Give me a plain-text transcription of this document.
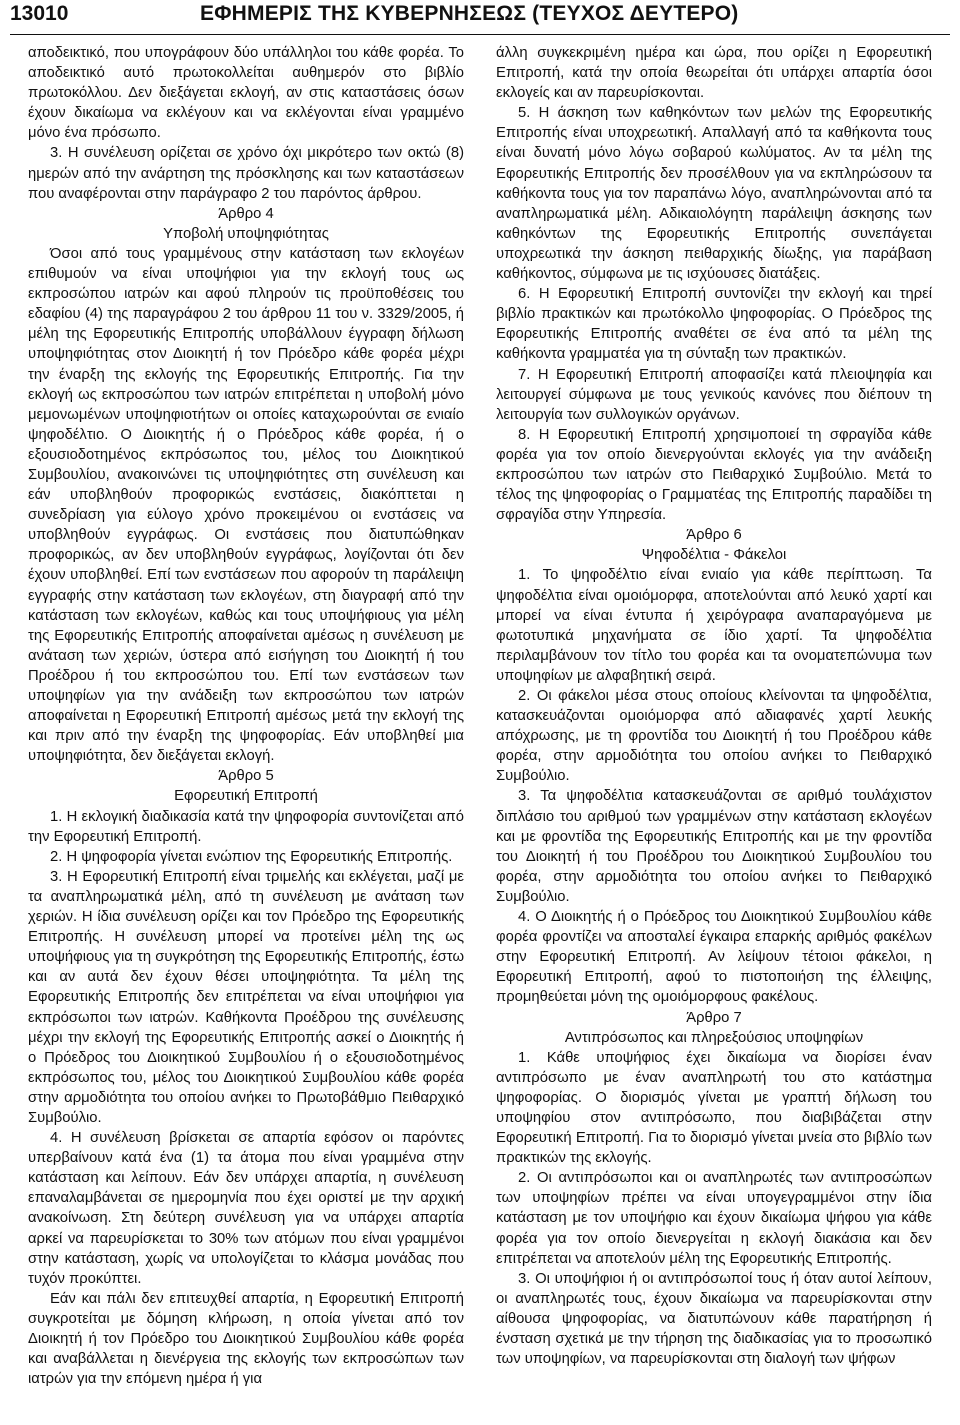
13010	ΕΦΗΜΕΡΙΣ ΤΗΣ ΚΥΒΕΡΝΗΣΕΩΣ (ΤΕΥΧΟΣ ΔΕΥΤΕΡΟ)

αποδεικτικό, που υπογράφουν δύο υπάλληλοι του κάθε φορέα. Το αποδεικτικό αυτό πρωτοκολλείται αυθημερόν στο βιβλίο πρωτοκόλλου. Δεν διεξάγεται εκλογή, αν στις καταστάσεις όσων έχουν δικαίωμα να εκλέγουν και να εκλέγονται είναι γραμμένο μόνο ένα πρόσωπο.

3. Η συνέλευση ορίζεται σε χρόνο όχι μικρότερο των οκτώ (8) ημερών από την ανάρτηση της πρόσκλησης και των καταστάσεων που αναφέρονται στην παράγραφο 2 του παρόντος άρθρου.

Άρθρο 4

Υποβολή υποψηφιότητας

Όσοι από τους γραμμένους στην κατάσταση των εκλογέων επιθυμούν να είναι υποψήφιοι για την εκλογή τους ως εκπροσώπου ιατρών και αφού πληρούν τις προϋποθέσεις του εδαφίου (4) της παραγράφου 2 του άρθρου 11 του ν. 3329/2005, ή μέλη της Εφορευτικής Επιτροπής υποβάλλουν έγγραφη δήλωση υποψηφιότητας στον Διοικητή ή τον Πρόεδρο κάθε φορέα μέχρι την έναρξη της εκλογής της Εφορευτικής Επιτροπής. Για την εκλογή ως εκπροσώπου των ιατρών επιτρέπεται η υποβολή μόνο μεμονωμένων υποψηφιοτήτων οι οποίες καταχωρούνται σε ενιαίο ψηφοδέλτιο. Ο Διοικητής ή ο Πρόεδρος κάθε φορέα, ή ο εξουσιοδοτημένος εκπρόσωπος του, μέλος του Διοικητικού Συμβουλίου, ανακοινώνει τις υποψηφιότητες στη συνέλευση και εάν υποβληθούν προφορικώς ενστάσεις, διακόπτεται η συνεδρίαση για εύλογο χρόνο προκειμένου οι ενστάσεις να υποβληθούν εγγράφως. Οι ενστάσεις που διατυπώθηκαν προφορικώς, αν δεν υποβληθούν εγγράφως, λογίζονται ότι δεν έχουν υποβληθεί. Επί των ενστάσεων που αφορούν τη παράλειψη εγγραφής στην κατάσταση των εκλογέων, στη διαγραφή από την κατάσταση των εκλογέων, καθώς και τους υποψήφιους για μέλη της Εφορευτικής Επιτροπής αποφαίνεται αμέσως η συνέλευση με ανάταση των χεριών, ύστερα από εισήγηση του Διοικητή ή του Προέδρου ή του εκπροσώπου του. Επί των ενστάσεων των υποψηφίων για την ανάδειξη των εκπροσώπου των ιατρών αποφαίνεται η Εφορευτική Επιτροπή αμέσως μετά την εκλογή της και πριν από την έναρξη της ψηφοφορίας. Εάν υποβληθεί μια υποψηφιότητα, δεν διεξάγεται εκλογή.

Άρθρο 5

Εφορευτική Επιτροπή

1. Η εκλογική διαδικασία κατά την ψηφοφορία συντονίζεται από την Εφορευτική Επιτροπή.

2. Η ψηφοφορία γίνεται ενώπιον της Εφορευτικής Επιτροπής.

3. Η Εφορευτική Επιτροπή είναι τριμελής και εκλέγεται, μαζί με τα αναπληρωματικά μέλη, από τη συνέλευση με ανάταση των χεριών. Η ίδια συνέλευση ορίζει και τον Πρόεδρο της Εφορευτικής Επιτροπής. Η συνέλευση μπορεί να προτείνει μέλη της ως υποψήφιους για τη συγκρότηση της Εφορευτικής Επιτροπής, έστω και αν αυτά δεν έχουν θέσει υποψηφιότητα. Τα μέλη της Εφορευτικής Επιτροπής δεν επιτρέπεται να είναι υποψήφιοι για εκπρόσωποι των ιατρών. Καθήκοντα Προέδρου της συνέλευσης μέχρι την εκλογή της Εφορευτικής Επιτροπής ασκεί ο Διοικητής ή ο Πρόεδρος του Διοικητικού Συμβουλίου ή ο εξουσιοδοτημένος εκπρόσωπος του, μέλος του Διοικητικού Συμβουλίου κάθε φορέα στην αρμοδιότητα του οποίου ανήκει το Πρωτοβάθμιο Πειθαρχικό Συμβούλιο.

4. Η συνέλευση βρίσκεται σε απαρτία εφόσον οι παρόντες υπερβαίνουν κατά ένα (1) τα άτομα που είναι γραμμένα στην κατάσταση και λείπουν. Εάν δεν υπάρχει απαρτία, η συνέλευση επαναλαμβάνεται σε ημερομηνία που έχει οριστεί με την αρχική ανακοίνωση. Στη δεύτερη συνέλευση για να υπάρχει απαρτία αρκεί να παρευρίσκεται το 30% των ατόμων που είναι γραμμένοι στην κατάσταση, χωρίς να υπολογίζεται το κλάσμα μονάδας που τυχόν προκύπτει.

Εάν και πάλι δεν επιτευχθεί απαρτία, η Εφορευτική Επιτροπή συγκροτείται με δόμηση κλήρωση, η οποία γίνεται από τον Διοικητή ή τον Πρόεδρο του Διοικητικού Συμβουλίου κάθε φορέα και αναβάλλεται η διενέργεια της εκλογής των εκπροσώπων των ιατρών για την επόμενη ημέρα ή για

άλλη συγκεκριμένη ημέρα και ώρα, που ορίζει η Εφορευτική Επιτροπή, κατά την οποία θεωρείται ότι υπάρχει απαρτία όσοι εκλογείς και αν παρευρίσκονται.

5. Η άσκηση των καθηκόντων των μελών της Εφορευτικής Επιτροπής είναι υποχρεωτική. Απαλλαγή από τα καθήκοντα τους είναι δυνατή μόνο λόγω σοβαρού κωλύματος. Αν τα μέλη της Εφορευτικής Επιτροπής δεν προσέλθουν για να εκπληρώσουν τα καθήκοντα τους για τον παραπάνω λόγο, αναπληρώνονται από τα αναπληρωματικά μέλη. Αδικαιολόγητη παράλειψη άσκησης των καθηκόντων της Εφορευτικής Επιτροπής συνεπάγεται υποχρεωτικά την άσκηση πειθαρχικής δίωξης, για παράβαση καθήκοντος, σύμφωνα με τις ισχύουσες διατάξεις.

6. Η Εφορευτική Επιτροπή συντονίζει την εκλογή και τηρεί βιβλίο πρακτικών και πρωτόκολλο ψηφοφορίας. Ο Πρόεδρος της Εφορευτικής Επιτροπής αναθέτει σε ένα από τα μέλη της καθήκοντα γραμματέα για τη σύνταξη των πρακτικών.

7. Η Εφορευτική Επιτροπή αποφασίζει κατά πλειοψηφία και λειτουργεί σύμφωνα με τους γενικούς κανόνες που διέπουν τη λειτουργία των συλλογικών οργάνων.

8. Η Εφορευτική Επιτροπή χρησιμοποιεί τη σφραγίδα κάθε φορέα για τον οποίο διενεργούνται εκλογές για την ανάδειξη εκπροσώπου των ιατρών στο Πειθαρχικό Συμβούλιο. Μετά το τέλος της ψηφοφορίας ο Γραμματέας της Επιτροπής παραδίδει τη σφραγίδα στην Υπηρεσία.

Άρθρο 6

Ψηφοδέλτια - Φάκελοι

1. Το ψηφοδέλτιο είναι ενιαίο για κάθε περίπτωση. Τα ψηφοδέλτια είναι ομοιόμορφα, αποτελούνται από λευκό χαρτί και μπορεί να είναι έντυπα ή χειρόγραφα αναπαραγόμενα με φωτοτυπικά μηχανήματα σε ίδιο χαρτί. Τα ψηφοδέλτια περιλαμβάνουν τον τίτλο του φορέα και τα ονοματεπώνυμα των υποψηφίων με αλφαβητική σειρά.

2. Οι φάκελοι μέσα στους οποίους κλείνονται τα ψηφοδέλτια, κατασκευάζονται ομοιόμορφα από αδιαφανές χαρτί λευκής απόχρωσης, με τη φροντίδα του Διοικητή ή του Προέδρου κάθε φορέα, στην αρμοδιότητα του οποίου ανήκει το Πειθαρχικό Συμβούλιο.

3. Τα ψηφοδέλτια κατασκευάζονται σε αριθμό τουλάχιστον διπλάσιο του αριθμού των γραμμένων στην κατάσταση εκλογέων και με φροντίδα της Εφορευτικής Επιτροπής και με την φροντίδα του Διοικητή ή του Προέδρου του Διοικητικού Συμβουλίου του φορέα, στην αρμοδιότητα του οποίου ανήκει το Πειθαρχικό Συμβούλιο.

4. Ο Διοικητής ή ο Πρόεδρος του Διοικητικού Συμβουλίου κάθε φορέα φροντίζει να αποσταλεί έγκαιρα επαρκής αριθμός φακέλων στην Εφορευτική Επιτροπή. Αν λείψουν τέτοιοι φάκελοι, η Εφορευτική Επιτροπή, αφού το πιστοποιήση της έλλειψης, προμηθεύεται μόνη της ομοιόμορφους φακέλους.

Άρθρο 7

Αντιπρόσωπος και πληρεξούσιος υποψηφίων

1. Κάθε υποψήφιος έχει δικαίωμα να διορίσει έναν αντιπρόσωπο με έναν αναπληρωτή του στο κατάστημα ψηφοφορίας. Ο διορισμός γίνεται με γραπτή δήλωση του υποψηφίου στον αντιπρόσωπο, που διαβιβάζεται στην Εφορευτική Επιτροπή. Για το διορισμό γίνεται μνεία στο βιβλίο των πρακτικών της εκλογής.

2. Οι αντιπρόσωποι και οι αναπληρωτές των αντιπροσώπων των υποψηφίων πρέπει να είναι υπογεγραμμένοι στην ίδια κατάσταση με τον υποψήφιο και έχουν δικαίωμα ψήφου για κάθε φορέα για τον οποίο διενεργείται η εκλογή διακάσια και δεν επιτρέπεται να αποτελούν μέλη της Εφορευτικής Επιτροπής.

3. Οι υποψήφιοι ή οι αντιπρόσωποί τους ή όταν αυτοί λείπουν, οι αναπληρωτές τους, έχουν δικαίωμα να παρευρίσκονται στην αίθουσα ψηφοφορίας, να διατυπώνουν κάθε παρατήρηση ή ένσταση σχετικά με την τήρηση της διαδικασίας για το προσωπικό των υποψηφίων, να παρευρίσκονται στη διαλογή των ψήφων
